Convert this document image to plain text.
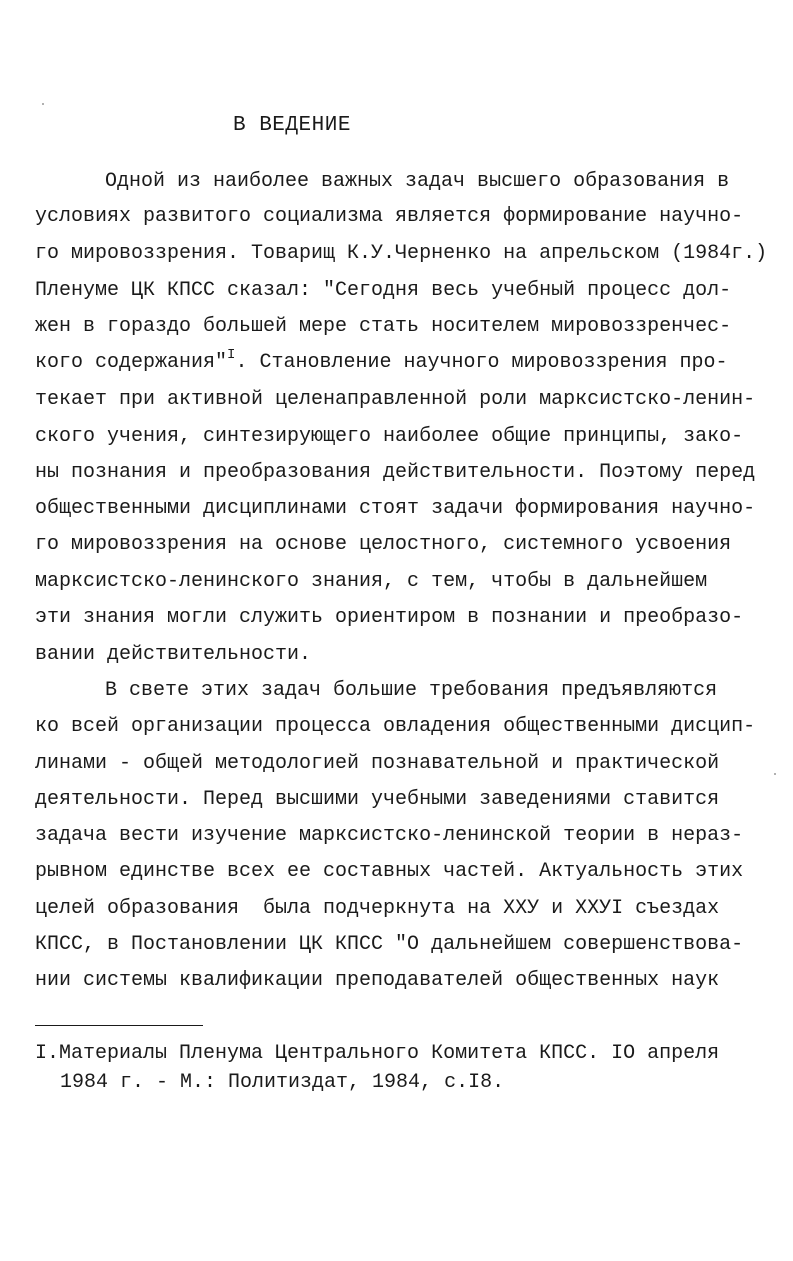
В ВЕДЕНИЕ
Одной из наиболее важных задач высшего образования в
условиях развитого социализма является формирование научно-
го мировоззрения. Товарищ К.У.Черненко на апрельском (1984г.)
Пленуме ЦК КПСС сказал: "Сегодня весь учебный процесс дол-
жен в гораздо большей мере стать носителем мировоззренчес-
кого содержания"$^I$. Становление научного мировоззрения про-
текает при активной целенаправленной роли марксистско-ленин-
ского учения, синтезирующего наиболее общие принципы, зако-
ны познания и преобразования действительности. Поэтому перед
общественными дисциплинами стоят задачи формирования научно-
го мировоззрения на основе целостного, системного усвоения
марксистско-ленинского знания, с тем, чтобы в дальнейшем
эти знания могли служить ориентиром в познании и преобразо-
вании действительности.
В свете этих задач большие требования предъявляются
ко всей организации процесса овладения общественными дисцип-
линами - общей методологией познавательной и практической
деятельности. Перед высшими учебными заведениями ставится
задача вести изучение марксистско-ленинской теории в нераз-
рывном единстве всех ее составных частей. Актуальность этих
целей образования  была подчеркнута на ХХУ и ХХУI съездах
КПСС, в Постановлении ЦК КПСС "О дальнейшем совершенствова-
нии системы квалификации преподавателей общественных наук
I.Материалы Пленума Центрального Комитета КПСС. IO апреля
1984 г. - М.: Политиздат, 1984, с.I8.
